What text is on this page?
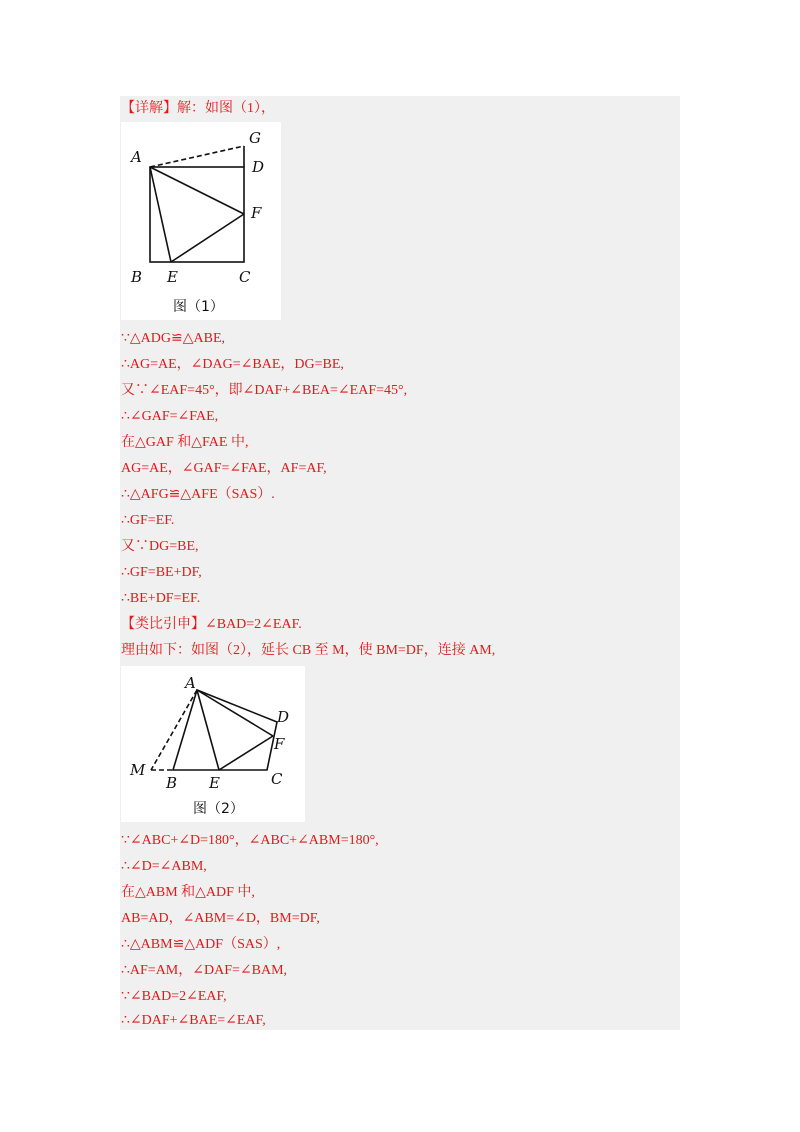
【详解】解：如图（1），
A
G
D
F
B E	C
图（1）
∵△ADG≌△ABE,
∴AG=AE，∠DAG=∠BAE，DG=BE,
又∵∠EAF=45°，即∠DAF+∠BEA=∠EAF=45°,
∴∠GAF=∠FAE,
在△GAF 和△FAE 中,
AG=AE，∠GAF=∠FAE，AF=AF,
∴△AFG≌△AFE（SAS）.
∴GF=EF.
又∵DG=BE,
∴GF=BE+DF,
∴BE+DF=EF.
【类比引申】∠BAD=2∠EAF.
理由如下：如图（2），延长 CB 至 M，使 BM=DF，连接 AM,
A
D
F
M
B E	C
图（2）
∵∠ABC+∠D=180°，∠ABC+∠ABM=180°,
∴∠D=∠ABM,
在△ABM 和△ADF 中,
AB=AD，∠ABM=∠D，BM=DF,
∴△ABM≌△ADF（SAS）,
∴AF=AM，∠DAF=∠BAM,
∵∠BAD=2∠EAF,
∴∠DAF+∠BAE=∠EAF,
